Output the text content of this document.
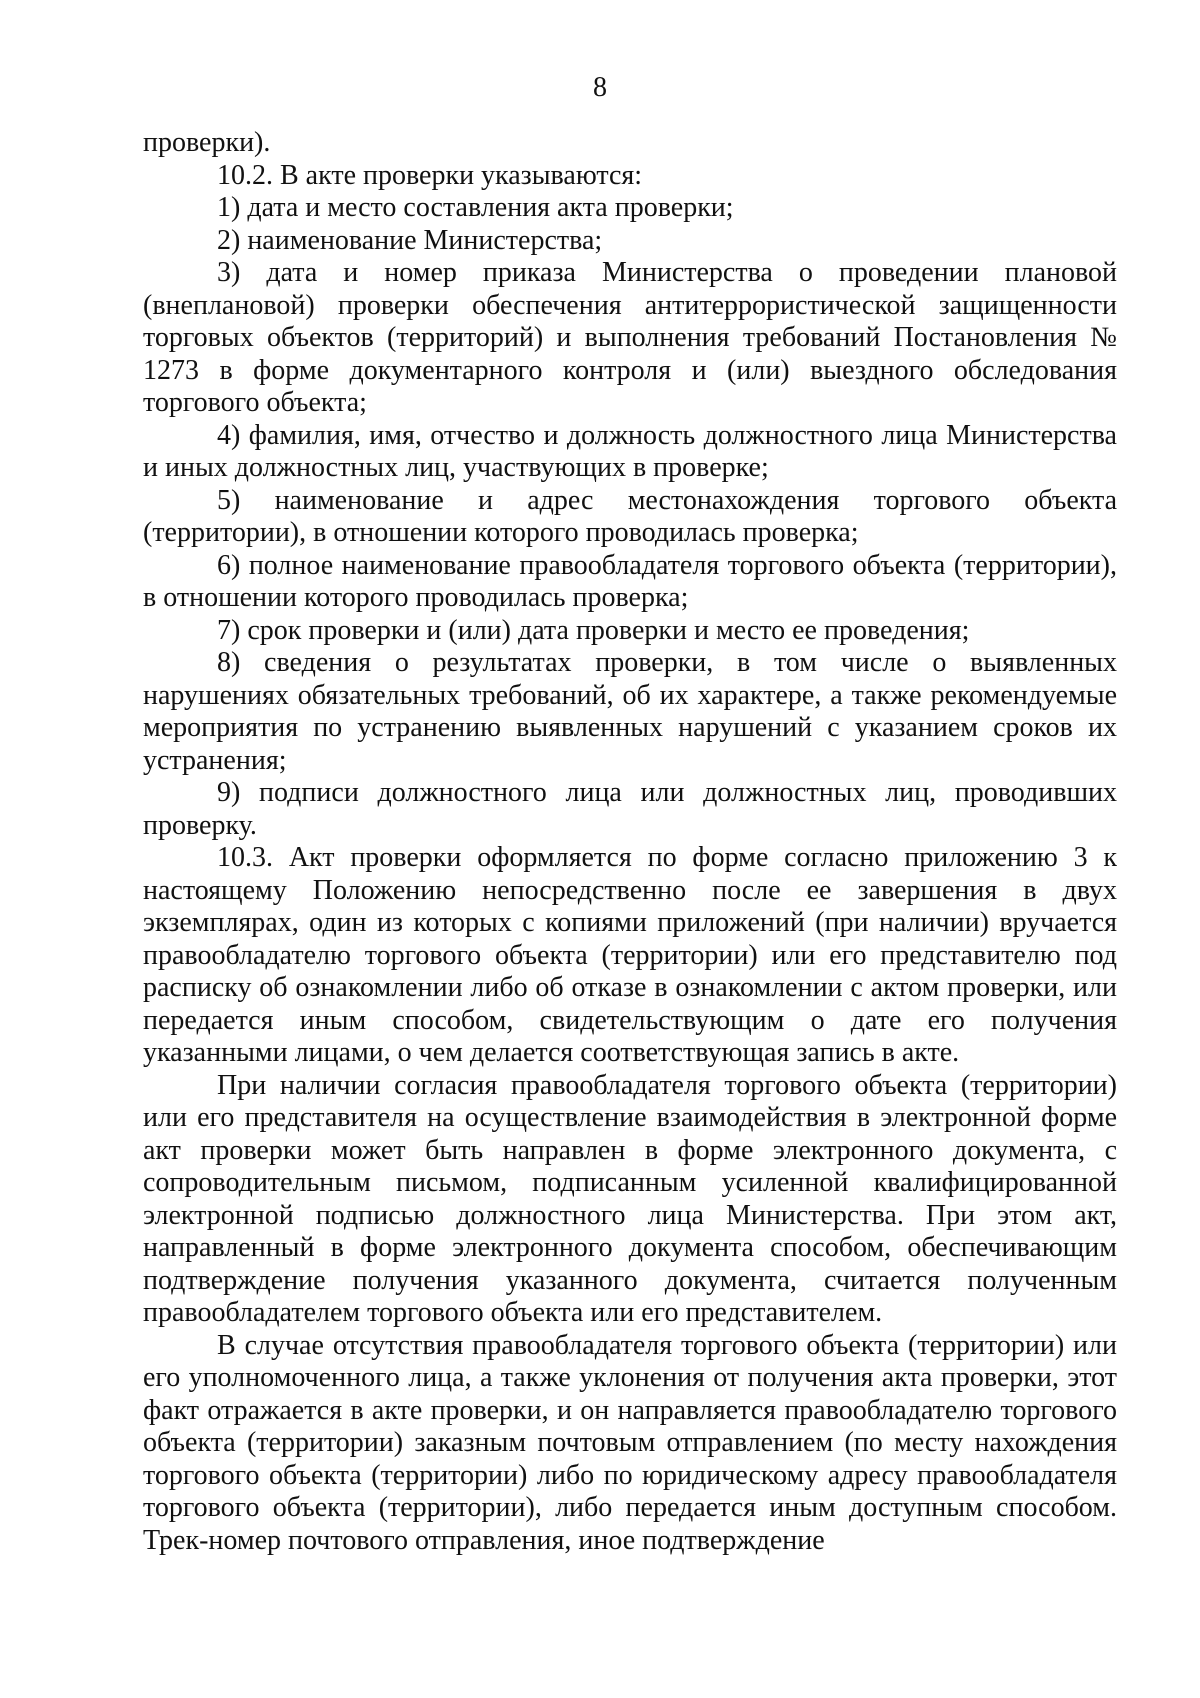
8

проверки).

10.2. В акте проверки указываются:

1) дата и место составления акта проверки;

2) наименование Министерства;

3) дата и номер приказа Министерства о проведении плановой (внеплановой) проверки обеспечения антитеррористической защищенности торговых объектов (территорий) и выполнения требований Постановления № 1273 в форме документарного контроля и (или) выездного обследования торгового объекта;

4) фамилия, имя, отчество и должность должностного лица Министерства и иных должностных лиц, участвующих в проверке;

5) наименование и адрес местонахождения торгового объекта (территории), в отношении которого проводилась проверка;

6) полное наименование правообладателя торгового объекта (территории), в отношении которого проводилась проверка;

7) срок проверки и (или) дата проверки и место ее проведения;

8) сведения о результатах проверки, в том числе о выявленных нарушениях обязательных требований, об их характере, а также рекомендуемые мероприятия по устранению выявленных нарушений с указанием сроков их устранения;

9) подписи должностного лица или должностных лиц, проводивших проверку.

10.3. Акт проверки оформляется по форме согласно приложению 3 к настоящему Положению непосредственно после ее завершения в двух экземплярах, один из которых с копиями приложений (при наличии) вручается правообладателю торгового объекта (территории) или его представителю под расписку об ознакомлении либо об отказе в ознакомлении с актом проверки, или передается иным способом, свидетельствующим о дате его получения указанными лицами, о чем делается соответствующая запись в акте.

При наличии согласия правообладателя торгового объекта (территории) или его представителя на осуществление взаимодействия в электронной форме акт проверки может быть направлен в форме электронного документа, с сопроводительным письмом, подписанным усиленной квалифицированной электронной подписью должностного лица Министерства. При этом акт, направленный в форме электронного документа способом, обеспечивающим подтверждение получения указанного документа, считается полученным правообладателем торгового объекта или его представителем.

В случае отсутствия правообладателя торгового объекта (территории) или его уполномоченного лица, а также уклонения от получения акта проверки, этот факт отражается в акте проверки, и он направляется правообладателю торгового объекта (территории) заказным почтовым отправлением (по месту нахождения торгового объекта (территории) либо по юридическому адресу правообладателя торгового объекта (территории), либо передается иным доступным способом. Трек-номер почтового отправления, иное подтверждение
